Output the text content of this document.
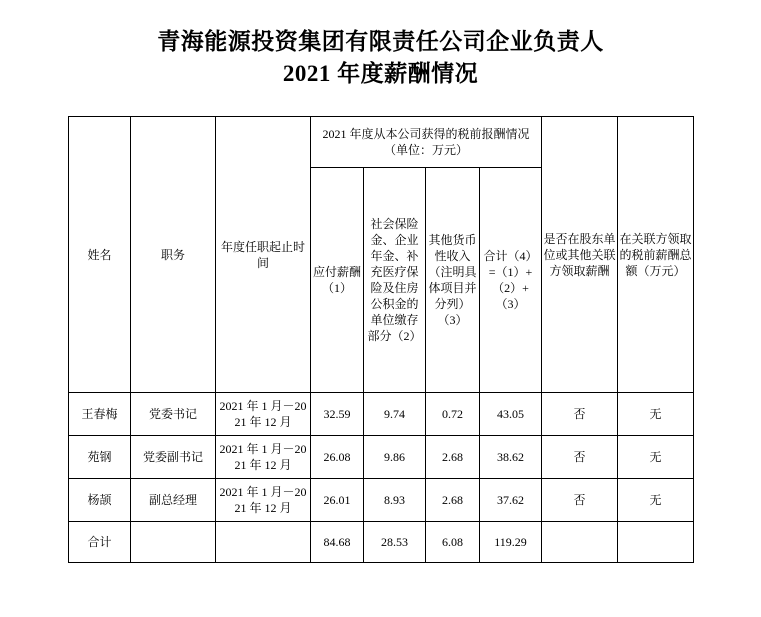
青海能源投资集团有限责任公司企业负责人
2021 年度薪酬情况
姓名	职务	年度任职起止时间	2021 年度从本公司获得的税前报酬情况（单位：万元）				是否在股东单位或其他关联方领取薪酬	在关联方领取的税前薪酬总额（万元）
			应付薪酬（1）	社会保险金、企业年金、补充医疗保险及住房公积金的单位缴存部分（2）	其他货币性收入（注明具体项目并分列）（3）	合计（4）=（1）+（2）+（3）		
王春梅	党委书记	2021 年 1 月－2021 年 12 月	32.59	9.74	0.72	43.05	否	无
苑钢	党委副书记	2021 年 1 月－2021 年 12 月	26.08	9.86	2.68	38.62	否	无
杨颉	副总经理	2021 年 1 月－2021 年 12 月	26.01	8.93	2.68	37.62	否	无
合计			84.68	28.53	6.08	119.29		
